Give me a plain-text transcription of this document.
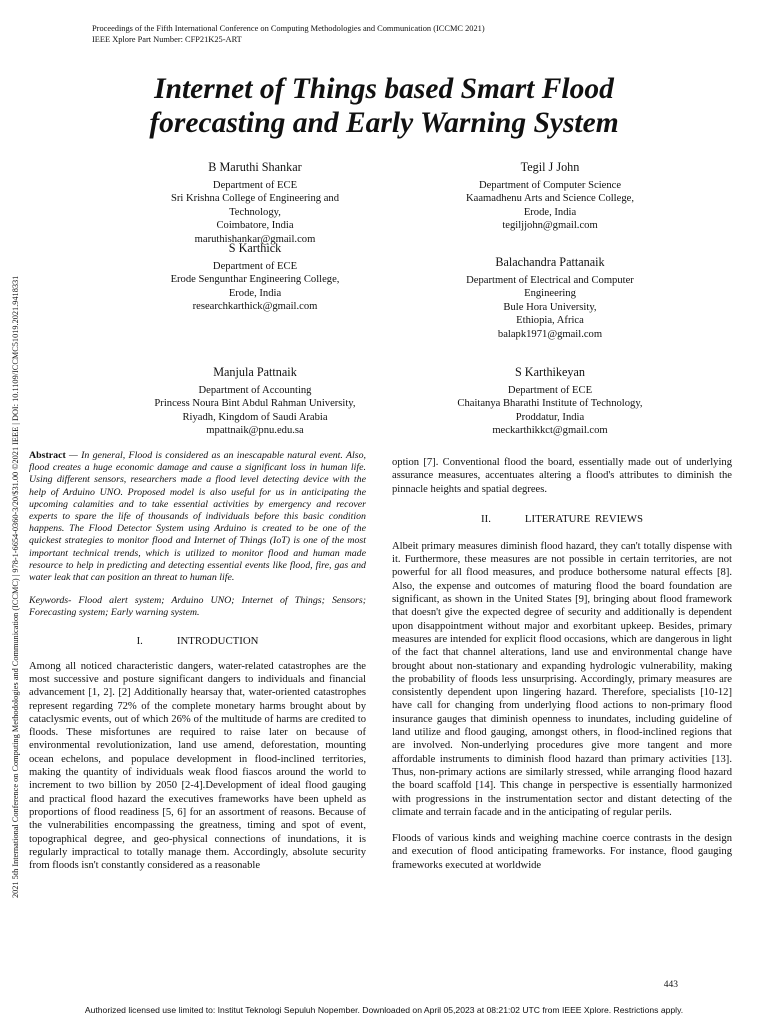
Proceedings of the Fifth International Conference on Computing Methodologies and Communication (ICCMC 2021)
IEEE Xplore Part Number: CFP21K25-ART
Internet of Things based Smart Flood
forecasting and Early Warning System
B Maruthi Shankar
Department of ECE
Sri Krishna College of Engineering and
Technology,
Coimbatore, India
maruthishankar@gmail.com
Tegil J John
Department of Computer Science
Kaamadhenu Arts and Science College,
Erode, India
tegiljjohn@gmail.com
S Karthick
Department of ECE
Erode Sengunthar Engineering College,
Erode, India
researchkarthick@gmail.com
Balachandra Pattanaik
Department of Electrical and Computer
Engineering
Bule Hora University,
Ethiopia, Africa
balapk1971@gmail.com
Manjula Pattnaik
Department of Accounting
Princess Noura Bint Abdul Rahman University,
Riyadh, Kingdom of Saudi Arabia
mpattnaik@pnu.edu.sa
S Karthikeyan
Department of ECE
Chaitanya Bharathi Institute of Technology,
Proddatur, India
meckarthikkct@gmail.com
2021 5th International Conference on Computing Methodologies and Communication (ICCMC) | 978-1-6654-0360-3/20/$31.00 ©2021 IEEE | DOI: 10.1109/ICCMC51019.2021.9418331 Abstract — In general, Flood is considered as an inescapable natural event. Also, flood creates a huge economic damage and cause a significant loss in human life. Using different sensors, researchers made a flood level detecting device with the help of Arduino UNO. Proposed model is also useful for us in anticipating the upcoming calamities and to take essential activities by emergency and recover experts to spare the life of thousands of individuals before this basic condition happens. The Flood Detector System using Arduino is created to be one of the quickest strategies to monitor flood and Internet of Things (IoT) is one of the most important technical trends, which is utilized to monitor flood and human made resource to help in predicting and detecting essential events like flood, fire, gas and water leak that can position an threat to human life.

Keywords- Flood alert system; Arduino UNO; Internet of Things; Sensors; Forecasting system; Early warning system.

I.	INTRODUCTION

Among all noticed characteristic dangers, water-related catastrophes are the most successive and posture significant dangers to individuals and financial advancement [1, 2]. [2] Additionally hearsay that, water-oriented catastrophes represent regarding 72% of the complete monetary harms brought about by cataclysmic events, out of which 26% of the multitude of harms are credited to floods. These misfortunes are required to raise later on because of environmental revolutionization, land use amend, deforestation, mounting ocean echelons, and populace development in flood-inclined territories, making the quantity of individuals weak flood fiascos around the world to increment to two billion by 2050 [2-4].Development of ideal flood gauging and practical flood hazard the executives frameworks have been upheld as proportions of flood readiness [5, 6] for an assortment of reasons. Because of the vulnerabilities encompassing the greatness, timing and spot of event, topographical degree, and geo-physical connections of inundations, it is regularly impractical to totally manage them. Accordingly, absolute security from floods isn't constantly considered as a reasonable

option [7]. Conventional flood the board, essentially made out of underlying assurance measures, accentuates altering a flood's attributes to diminish the pinnacle heights and spatial degrees.

II.	LITERATURE REVIEWS

Albeit primary measures diminish flood hazard, they can't totally dispense with it. Furthermore, these measures are not possible in certain territories, are not powerful for all flood measures, and produce bothersome natural effects [8]. Also, the expense and outcomes of maturing flood the board foundation are significant, as shown in the United States [9], bringing about flood framework that doesn't give the expected degree of security and additionally is dependent upon disappointment without major and exorbitant upkeep. Besides, primary measures are intended for explicit flood occasions, which are dangerous in light of the fact that channel alterations, land use and environmental change have brought about non-stationary and expanding hydrologic vulnerability, making the probability of floods less unsurprising. Accordingly, primary measures are consistently dependent upon lingering hazard. Therefore, specialists [10-12] have call for changing from underlying flood actions to non-primary flood insurance gauges that diminish openness to inundates, including guideline of land utilize and flood gauging, amongst others, in flood-inclined regions that are involved. Non-underlying procedures give more tangent and more affordable instruments to diminish flood hazard than primary activities [13]. Thus, non-primary actions are similarly stressed, while arranging flood hazard the board scaffold [14]. This change in perspective is essentially harmonized with progressions in the instrumentation sector and distant detecting of the climate and terrain facade and in the anticipating of regular perils.

Floods of various kinds and weighing machine coerce contrasts in the design and execution of flood anticipating frameworks. For instance, flood gauging frameworks executed at worldwide

443
Authorized licensed use limited to: Institut Teknologi Sepuluh Nopember. Downloaded on April 05,2023 at 08:21:02 UTC from IEEE Xplore. Restrictions apply.
